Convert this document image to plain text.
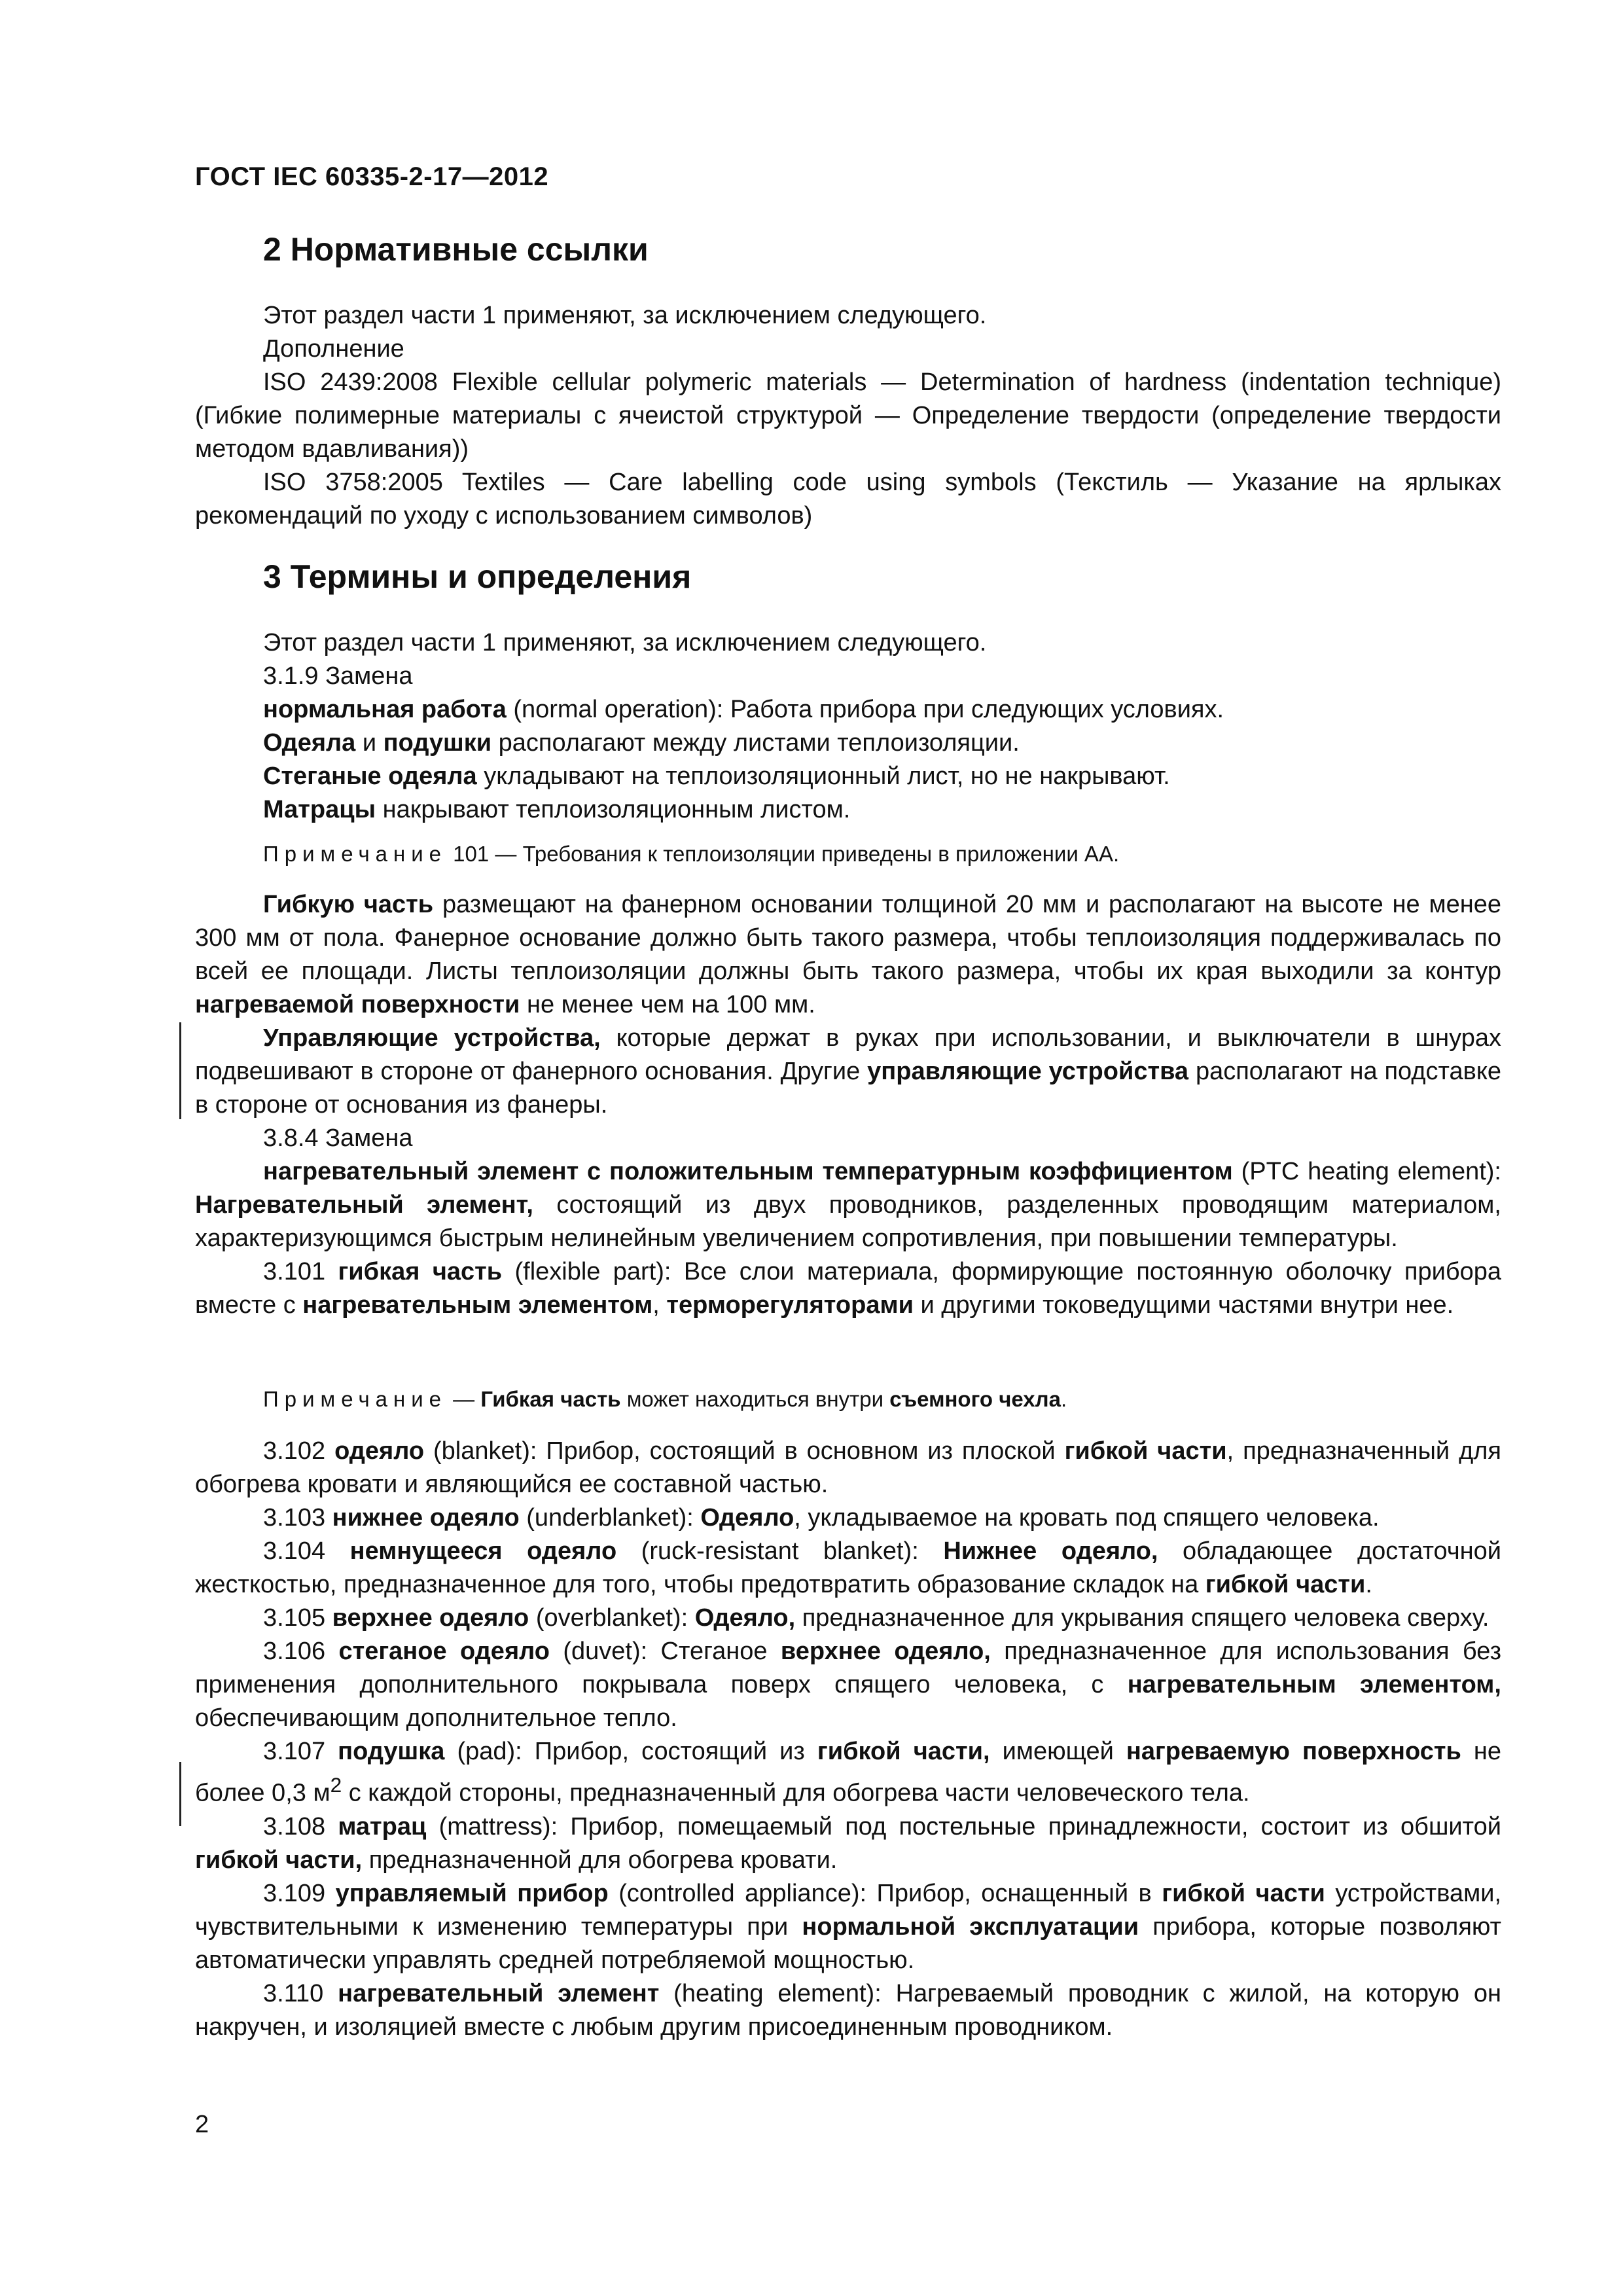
ГОСТ IEC 60335-2-17—2012
2 Нормативные ссылки

Этот раздел части 1 применяют, за исключением следующего.

Дополнение

ISO 2439:2008 Flexible cellular polymeric materials — Determination of hardness (indentation technique) (Гибкие полимерные материалы с ячеистой структурой — Определение твердости (определение твердости методом вдавливания))

ISO 3758:2005 Textiles — Care labelling code using symbols (Текстиль — Указание на ярлыках рекомендаций по уходу с использованием символов)

3 Термины и определения

Этот раздел части 1 применяют, за исключением следующего.

3.1.9 Замена

нормальная работа (normal operation): Работа прибора при следующих условиях.

Одеяла и подушки располагают между листами теплоизоляции.

Стеганые одеяла укладывают на теплоизоляционный лист, но не накрывают.

Матрацы накрывают теплоизоляционным листом.

Примечание 101 — Требования к теплоизоляции приведены в приложении АА.

Гибкую часть размещают на фанерном основании толщиной 20 мм и располагают на высоте не менее 300 мм от пола. Фанерное основание должно быть такого размера, чтобы теплоизоляция поддерживалась по всей ее площади. Листы теплоизоляции должны быть такого размера, чтобы их края выходили за контур нагреваемой поверхности не менее чем на 100 мм.

Управляющие устройства, которые держат в руках при использовании, и выключатели в шнурах подвешивают в стороне от фанерного основания. Другие управляющие устройства располагают на подставке в стороне от основания из фанеры.

3.8.4 Замена

нагревательный элемент с положительным температурным коэффициентом (PTC heating element): Нагревательный элемент, состоящий из двух проводников, разделенных проводящим материалом, характеризующимся быстрым нелинейным увеличением сопротивления, при повышении температуры.

3.101 гибкая часть (flexible part): Все слои материала, формирующие постоянную оболочку прибора вместе с нагревательным элементом, терморегуляторами и другими токоведущими частями внутри нее.

Примечание — Гибкая часть может находиться внутри съемного чехла.

3.102 одеяло (blanket): Прибор, состоящий в основном из плоской гибкой части, предназначенный для обогрева кровати и являющийся ее составной частью.

3.103 нижнее одеяло (underblanket): Одеяло, укладываемое на кровать под спящего человека.

3.104 немнущееся одеяло (ruck-resistant blanket): Нижнее одеяло, обладающее достаточной жесткостью, предназначенное для того, чтобы предотвратить образование складок на гибкой части.

3.105 верхнее одеяло (overblanket): Одеяло, предназначенное для укрывания спящего человека сверху.

3.106 стеганое одеяло (duvet): Стеганое верхнее одеяло, предназначенное для использования без применения дополнительного покрывала поверх спящего человека, с нагревательным элементом, обеспечивающим дополнительное тепло.

3.107 подушка (pad): Прибор, состоящий из гибкой части, имеющей нагреваемую поверхность не более 0,3 $м^2$ с каждой стороны, предназначенный для обогрева части человеческого тела.

3.108 матрац (mattress): Прибор, помещаемый под постельные принадлежности, состоит из обшитой гибкой части, предназначенной для обогрева кровати.

3.109 управляемый прибор (controlled appliance): Прибор, оснащенный в гибкой части устройствами, чувствительными к изменению температуры при нормальной эксплуатации прибора, которые позволяют автоматически управлять средней потребляемой мощностью.

3.110 нагревательный элемент (heating element): Нагреваемый проводник с жилой, на которую он накручен, и изоляцией вместе с любым другим присоединенным проводником.

2
